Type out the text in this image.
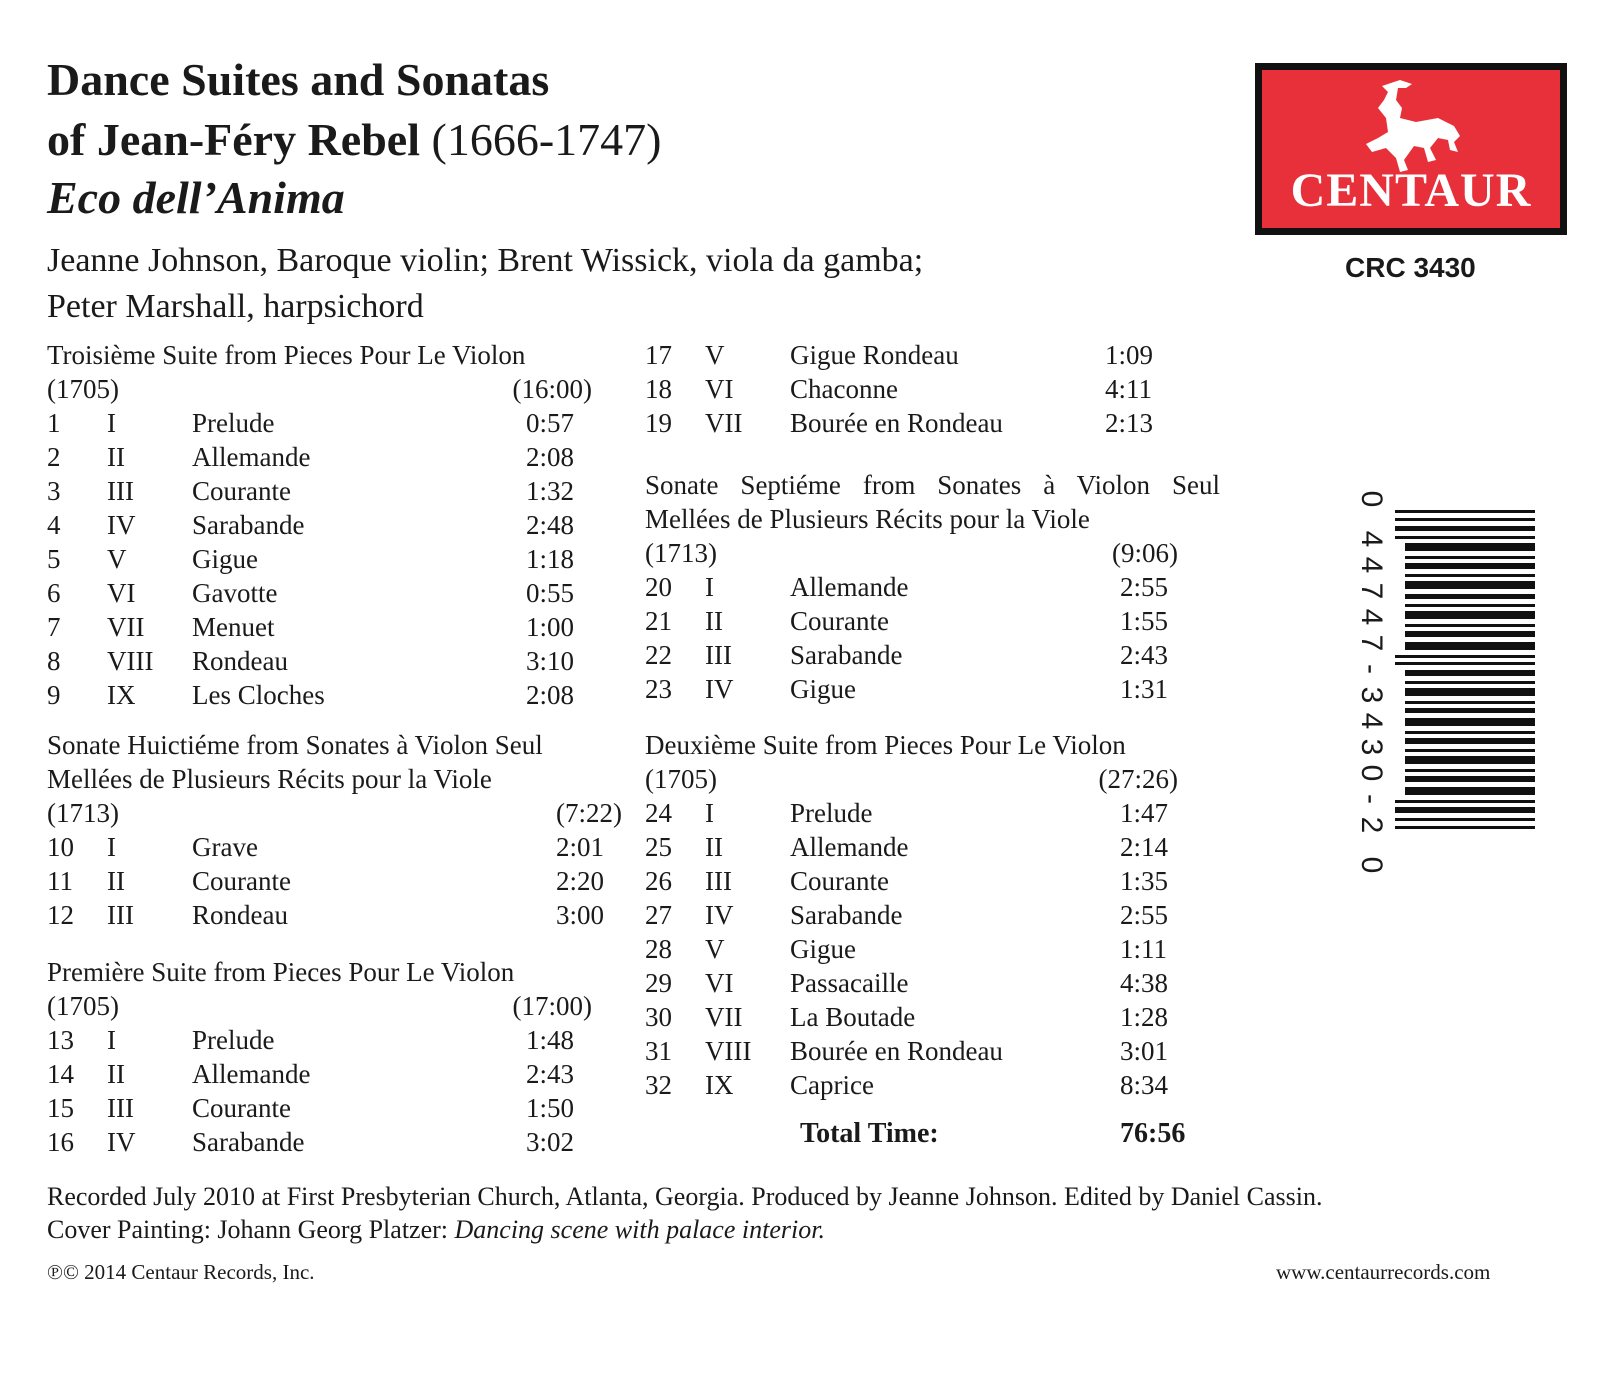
Dance Suites and Sonatas
of Jean-Féry Rebel (1666-1747)
Eco dell’Anima
Jeanne Johnson, Baroque violin; Brent Wissick, viola da gamba;
Peter Marshall, harpsichord
CENTAUR
CRC 3430
0
4
4
7
4
7
-
3
4
3
0
-
2
0
Troisième Suite from Pieces Pour Le Violon
(1705)	(16:00)
1	I	Prelude	0:57
2	II	Allemande	2:08
3	III	Courante	1:32
4	IV	Sarabande	2:48
5	V	Gigue	1:18
6	VI	Gavotte	0:55
7	VII	Menuet	1:00
8	VIII	Rondeau	3:10
9	IX	Les Cloches	2:08
Sonate Huictiéme from Sonates à Violon Seul
Mellées de Plusieurs Récits pour la Viole
(1713)	(7:22)
10	I	Grave	2:01
11	II	Courante	2:20
12	III	Rondeau	3:00
Première Suite from Pieces Pour Le Violon
(1705)	(17:00)
13	I	Prelude	1:48
14	II	Allemande	2:43
15	III	Courante	1:50
16	IV	Sarabande	3:02
17	V	Gigue Rondeau	1:09
18	VI	Chaconne	4:11
19	VII	Bourée en Rondeau	2:13
Sonate Septiéme from Sonates à Violon Seul
Mellées de Plusieurs Récits pour la Viole
(1713)	(9:06)
20	I	Allemande	2:55
21	II	Courante	1:55
22	III	Sarabande	2:43
23	IV	Gigue	1:31
Deuxième Suite from Pieces Pour Le Violon
(1705)	(27:26)
24	I	Prelude	1:47
25	II	Allemande	2:14
26	III	Courante	1:35
27	IV	Sarabande	2:55
28	V	Gigue	1:11
29	VI	Passacaille	4:38
30	VII	La Boutade	1:28
31	VIII	Bourée en Rondeau	3:01
32	IX	Caprice	8:34
Total Time:	76:56
Recorded July 2010 at First Presbyterian Church, Atlanta, Georgia. Produced by Jeanne Johnson. Edited by Daniel Cassin.
Cover Painting: Johann Georg Platzer: Dancing scene with palace interior.
℗© 2014 Centaur Records, Inc.	www.centaurrecords.com
